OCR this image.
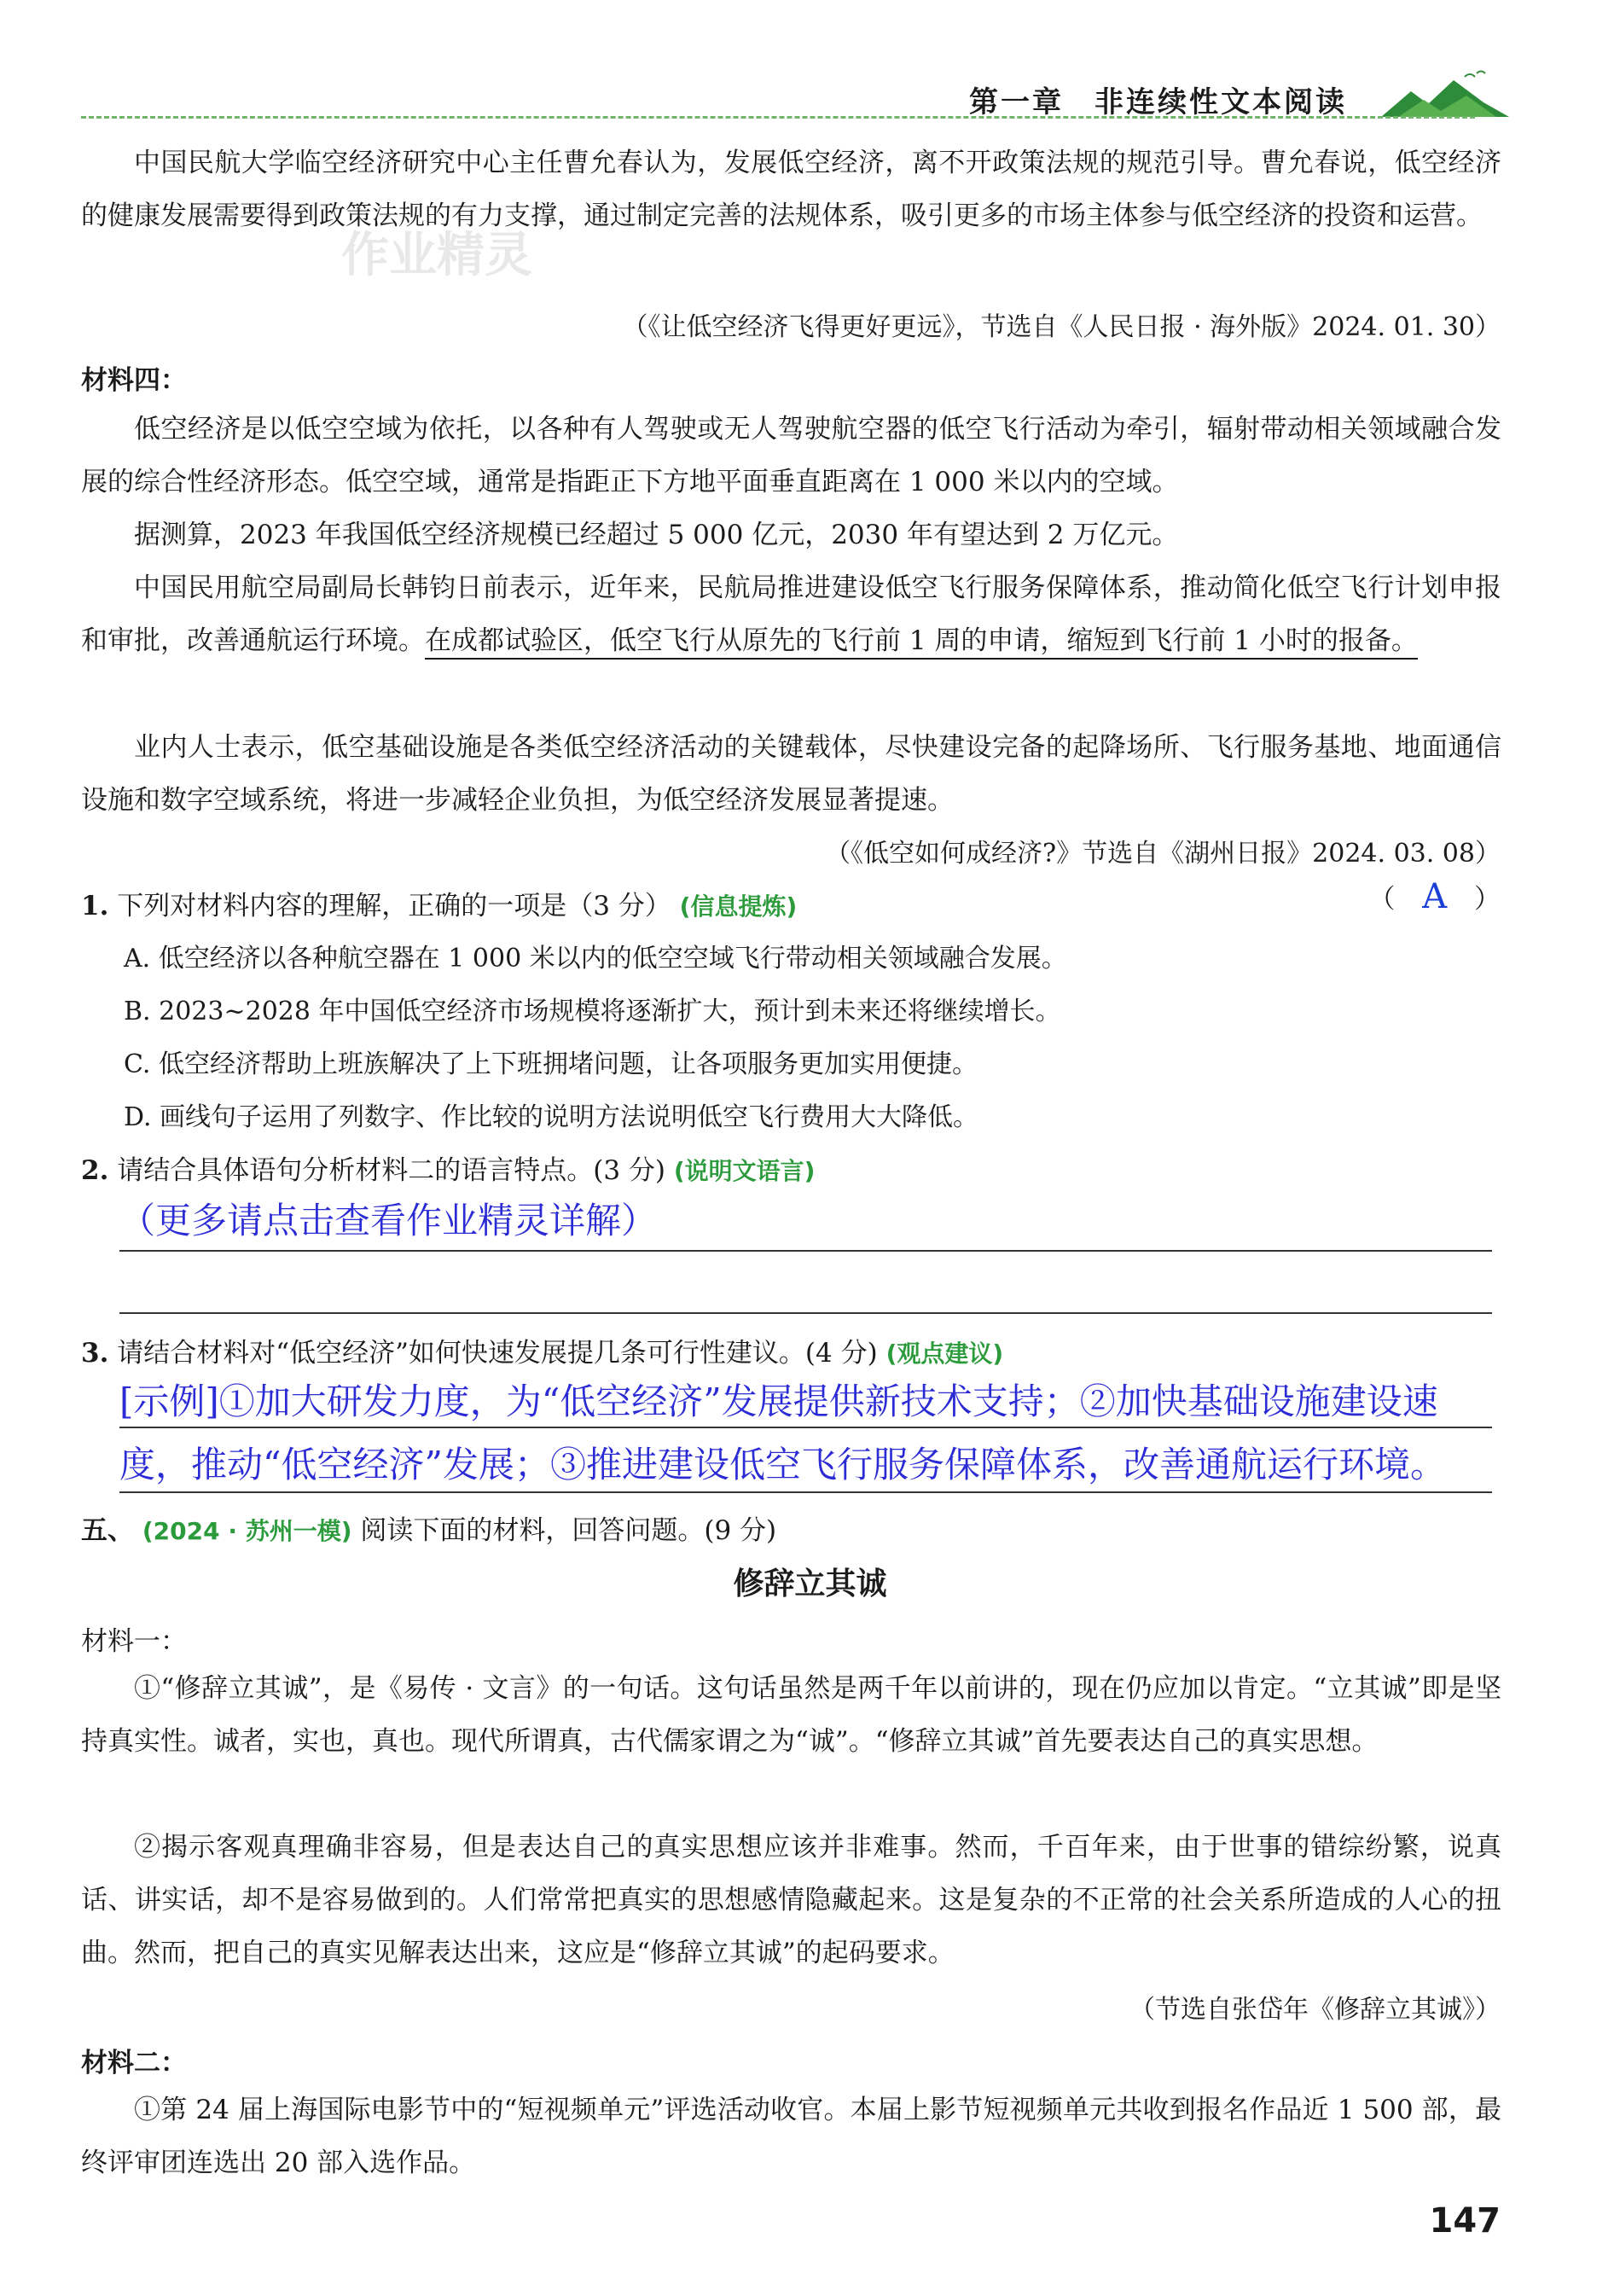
第一章 非连续性文本阅读

中国民航大学临空经济研究中心主任曹允春认为，发展低空经济，离不开政策法规的规范引导。曹允春说，低空经济的健康发展需要得到政策法规的有力支撑，通过制定完善的法规体系，吸引更多的市场主体参与低空经济的投资和运营。

作业精灵
（《让低空经济飞得更好更远》，节选自《人民日报 · 海外版》2024. 01. 30）
材料四：

低空经济是以低空空域为依托，以各种有人驾驶或无人驾驶航空器的低空飞行活动为牵引，辐射带动相关领域融合发展的综合性经济形态。低空空域，通常是指距正下方地平面垂直距离在 1 000 米以内的空域。

据测算，2023 年我国低空经济规模已经超过 5 000 亿元，2030 年有望达到 2 万亿元。

中国民用航空局副局长韩钧日前表示，近年来，民航局推进建设低空飞行服务保障体系，推动简化低空飞行计划申报和审批，改善通航运行环境。在成都试验区，低空飞行从原先的飞行前 1 周的申请，缩短到飞行前 1 小时的报备。

业内人士表示，低空基础设施是各类低空经济活动的关键载体，尽快建设完备的起降场所、飞行服务基地、地面通信设施和数字空域系统，将进一步减轻企业负担，为低空经济发展显著提速。

（《低空如何成经济?》节选自《湖州日报》2024. 03. 08）
1. 下列对材料内容的理解，正确的一项是（3 分） (信息提炼)	（ A ）
A. 低空经济以各种航空器在 1 000 米以内的低空空域飞行带动相关领域融合发展。
B. 2023~2028 年中国低空经济市场规模将逐渐扩大，预计到未来还将继续增长。
C. 低空经济帮助上班族解决了上下班拥堵问题，让各项服务更加实用便捷。
D. 画线句子运用了列数字、作比较的说明方法说明低空飞行费用大大降低。
2. 请结合具体语句分析材料二的语言特点。(3 分) (说明文语言)
（更多请点击查看作业精灵详解）
3. 请结合材料对“低空经济”如何快速发展提几条可行性建议。(4 分) (观点建议)
[示例]①加大研发力度，为“低空经济”发展提供新技术支持；②加快基础设施建设速
度，推动“低空经济”发展；③推进建设低空飞行服务保障体系，改善通航运行环境。
五、 (2024 · 苏州一模) 阅读下面的材料，回答问题。(9 分)
修辞立其诚
材料一：

①“修辞立其诚”，是《易传 · 文言》的一句话。这句话虽然是两千年以前讲的，现在仍应加以肯定。“立其诚”即是坚持真实性。诚者，实也，真也。现代所谓真，古代儒家谓之为“诚”。“修辞立其诚”首先要表达自己的真实思想。

②揭示客观真理确非容易，但是表达自己的真实思想应该并非难事。然而，千百年来，由于世事的错综纷繁，说真话、讲实话，却不是容易做到的。人们常常把真实的思想感情隐藏起来。这是复杂的不正常的社会关系所造成的人心的扭曲。然而，把自己的真实见解表达出来，这应是“修辞立其诚”的起码要求。

（节选自张岱年《修辞立其诚》）
材料二：

①第 24 届上海国际电影节中的“短视频单元”评选活动收官。本届上影节短视频单元共收到报名作品近 1 500 部，最终评审团连选出 20 部入选作品。

147
